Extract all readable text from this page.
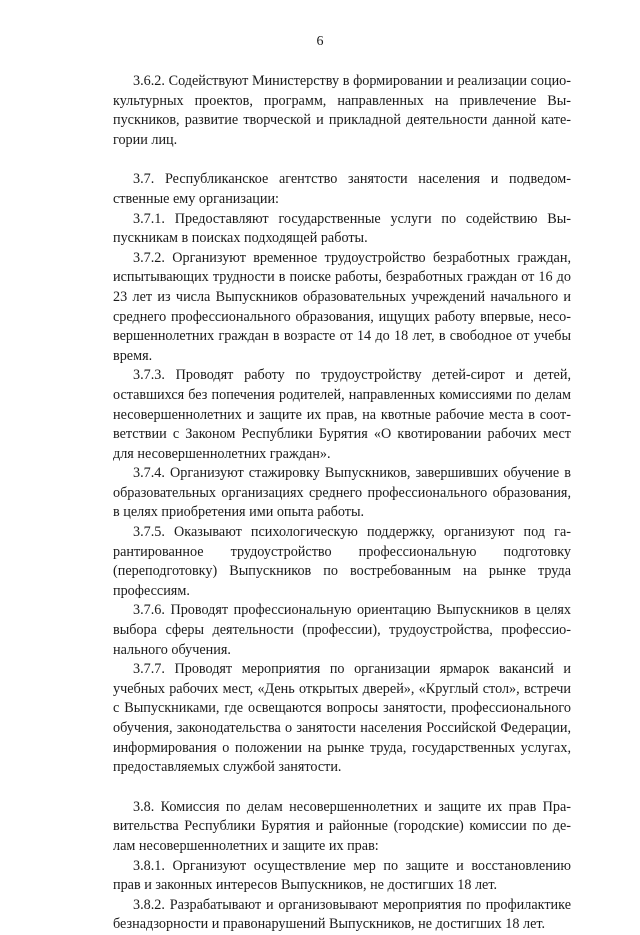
6

3.6.2. Содействуют Министерству в формировании и реализации социо-культурных проектов, программ, направленных на привлечение Выпускников, развитие творческой и прикладной деятельности данной категории лиц.

3.7. Республиканское агентство занятости населения и подведомственные ему организации:

3.7.1. Предоставляют государственные услуги по содействию Выпускникам в поисках подходящей работы.

3.7.2. Организуют временное трудоустройство безработных граждан, испытывающих трудности в поиске работы, безработных граждан от 16 до 23 лет из числа Выпускников образовательных учреждений начального и среднего профессионального образования, ищущих работу впервые, несовершеннолетних граждан в возрасте от 14 до 18 лет, в свободное от учебы время.

3.7.3. Проводят работу по трудоустройству детей-сирот и детей, оставшихся без попечения родителей, направленных комиссиями по делам несовершеннолетних и защите их прав, на квотные рабочие места в соответствии с Законом Республики Бурятия «О квотировании рабочих мест для несовершеннолетних граждан».

3.7.4. Организуют стажировку Выпускников, завершивших обучение в образовательных организациях среднего профессионального образования, в целях приобретения ими опыта работы.

3.7.5. Оказывают психологическую поддержку, организуют под гарантированное трудоустройство профессиональную подготовку (переподготовку) Выпускников по востребованным на рынке труда профессиям.

3.7.6. Проводят профессиональную ориентацию Выпускников в целях выбора сферы деятельности (профессии), трудоустройства, профессионального обучения.

3.7.7. Проводят мероприятия по организации ярмарок вакансий и учебных рабочих мест, «День открытых дверей», «Круглый стол», встречи с Выпускниками, где освещаются вопросы занятости, профессионального обучения, законодательства о занятости населения Российской Федерации, информирования о положении на рынке труда, государственных услугах, предоставляемых службой занятости.

3.8. Комиссия по делам несовершеннолетних и защите их прав Правительства Республики Бурятия и районные (городские) комиссии по делам несовершеннолетних и защите их прав:

3.8.1. Организуют осуществление мер по защите и восстановлению прав и законных интересов Выпускников, не достигших 18 лет.

3.8.2. Разрабатывают и организовывают мероприятия по профилактике безнадзорности и правонарушений Выпускников, не достигших 18 лет.
